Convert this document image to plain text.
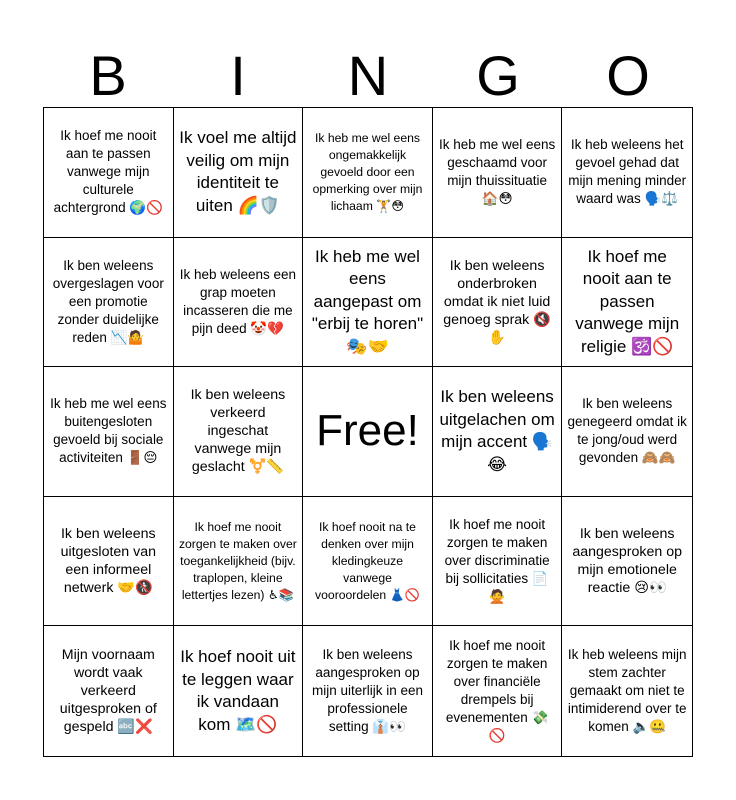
B	I	N	G	O
Ik hoef me nooit aan te passen vanwege mijn culturele achtergrond 🌍🚫
Ik voel me altijd veilig om mijn identiteit te uiten 🌈🛡️
Ik heb me wel eens ongemakkelijk gevoeld door een opmerking over mijn lichaam 🏋️😳
Ik heb me wel eens geschaamd voor mijn thuissituatie 🏠😳
Ik heb weleens het gevoel gehad dat mijn mening minder waard was 🗣️⚖️
Ik ben weleens overgeslagen voor een promotie zonder duidelijke reden 📉🤷
Ik heb weleens een grap moeten incasseren die me pijn deed 🤡💔
Ik heb me wel eens aangepast om "erbij te horen" 🎭🤝
Ik ben weleens onderbroken omdat ik niet luid genoeg sprak 🔇✋
Ik hoef me nooit aan te passen vanwege mijn religie 🕉️🚫
Ik heb me wel eens buitengesloten gevoeld bij sociale activiteiten 🚪😔
Ik ben weleens verkeerd ingeschat vanwege mijn geslacht ⚧️📏
Free!
Ik ben weleens uitgelachen om mijn accent 🗣️😂
Ik ben weleens genegeerd omdat ik te jong/oud werd gevonden 🙈🙈
Ik ben weleens uitgesloten van een informeel netwerk 🤝🚷
Ik hoef me nooit zorgen te maken over toegankelijkheid (bijv. traplopen, kleine lettertjes lezen) ♿📚
Ik hoef nooit na te denken over mijn kledingkeuze vanwege vooroordelen 👗🚫
Ik hoef me nooit zorgen te maken over discriminatie bij sollicitaties 📄🙅
Ik ben weleens aangesproken op mijn emotionele reactie 😢👀
Mijn voornaam wordt vaak verkeerd uitgesproken of gespeld 🔤❌
Ik hoef nooit uit te leggen waar ik vandaan kom 🗺️🚫
Ik ben weleens aangesproken op mijn uiterlijk in een professionele setting 👔👀
Ik hoef me nooit zorgen te maken over financiële drempels bij evenementen 💸🚫
Ik heb weleens mijn stem zachter gemaakt om niet te intimiderend over te komen 🔈🤐
